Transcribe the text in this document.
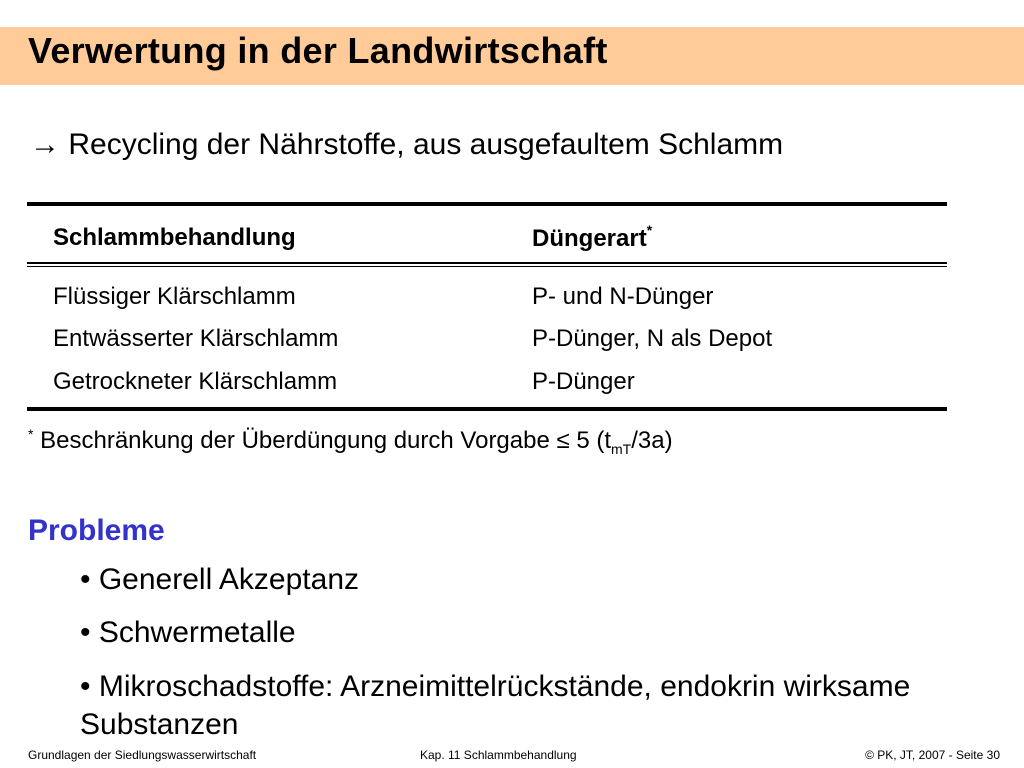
Verwertung in der Landwirtschaft
→ Recycling der Nährstoffe, aus ausgefaultem Schlamm
Schlammbehandlung	Düngerart*
Flüssiger Klärschlamm	P- und N-Dünger
Entwässerter Klärschlamm	P-Dünger, N als Depot
Getrockneter Klärschlamm	P-Dünger
* Beschränkung der Überdüngung durch Vorgabe ≤ 5 $(t_{mT}/3a)$
Probleme
• Generell Akzeptanz
• Schwermetalle
• Mikroschadstoffe: Arzneimittelrückstände, endokrin wirksame Substanzen
Grundlagen der Siedlungswasserwirtschaft	Kap. 11 Schlammbehandlung	© PK, JT, 2007 - Seite 30
